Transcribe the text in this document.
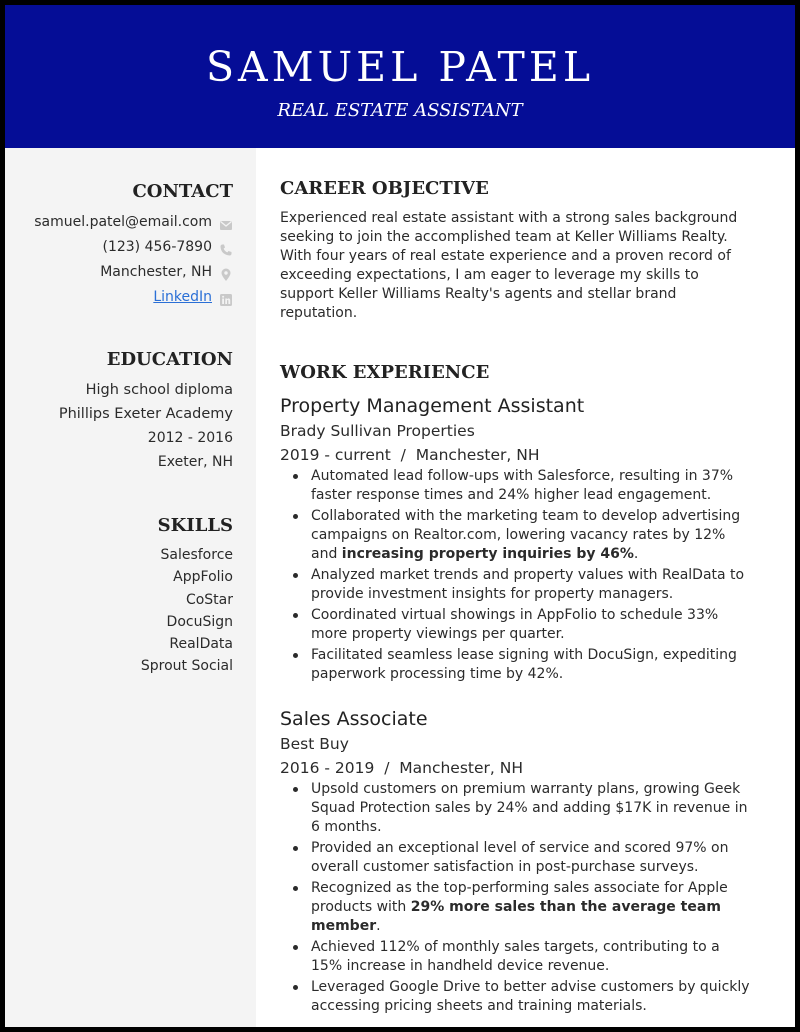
SAMUEL PATEL
REAL ESTATE ASSISTANT
CONTACT
samuel.patel@email.com
(123) 456-7890
Manchester, NH
LinkedIn
EDUCATION
High school diploma
Phillips Exeter Academy
2012 - 2016
Exeter, NH
SKILLS
Salesforce
AppFolio
CoStar
DocuSign
RealData
Sprout Social
CAREER OBJECTIVE
Experienced real estate assistant with a strong sales background seeking to join the accomplished team at Keller Williams Realty. With four years of real estate experience and a proven record of exceeding expectations, I am eager to leverage my skills to support Keller Williams Realty's agents and stellar brand reputation.
WORK EXPERIENCE
Property Management Assistant
Brady Sullivan Properties
2019 - current  /  Manchester, NH
Automated lead follow-ups with Salesforce, resulting in 37% faster response times and 24% higher lead engagement.
Collaborated with the marketing team to develop advertising campaigns on Realtor.com, lowering vacancy rates by 12% and increasing property inquiries by 46%.
Analyzed market trends and property values with RealData to provide investment insights for property managers.
Coordinated virtual showings in AppFolio to schedule 33% more property viewings per quarter.
Facilitated seamless lease signing with DocuSign, expediting paperwork processing time by 42%.
Sales Associate
Best Buy
2016 - 2019  /  Manchester, NH
Upsold customers on premium warranty plans, growing Geek Squad Protection sales by 24% and adding $17K in revenue in 6 months.
Provided an exceptional level of service and scored 97% on overall customer satisfaction in post-purchase surveys.
Recognized as the top-performing sales associate for Apple products with 29% more sales than the average team member.
Achieved 112% of monthly sales targets, contributing to a 15% increase in handheld device revenue.
Leveraged Google Drive to better advise customers by quickly accessing pricing sheets and training materials.
